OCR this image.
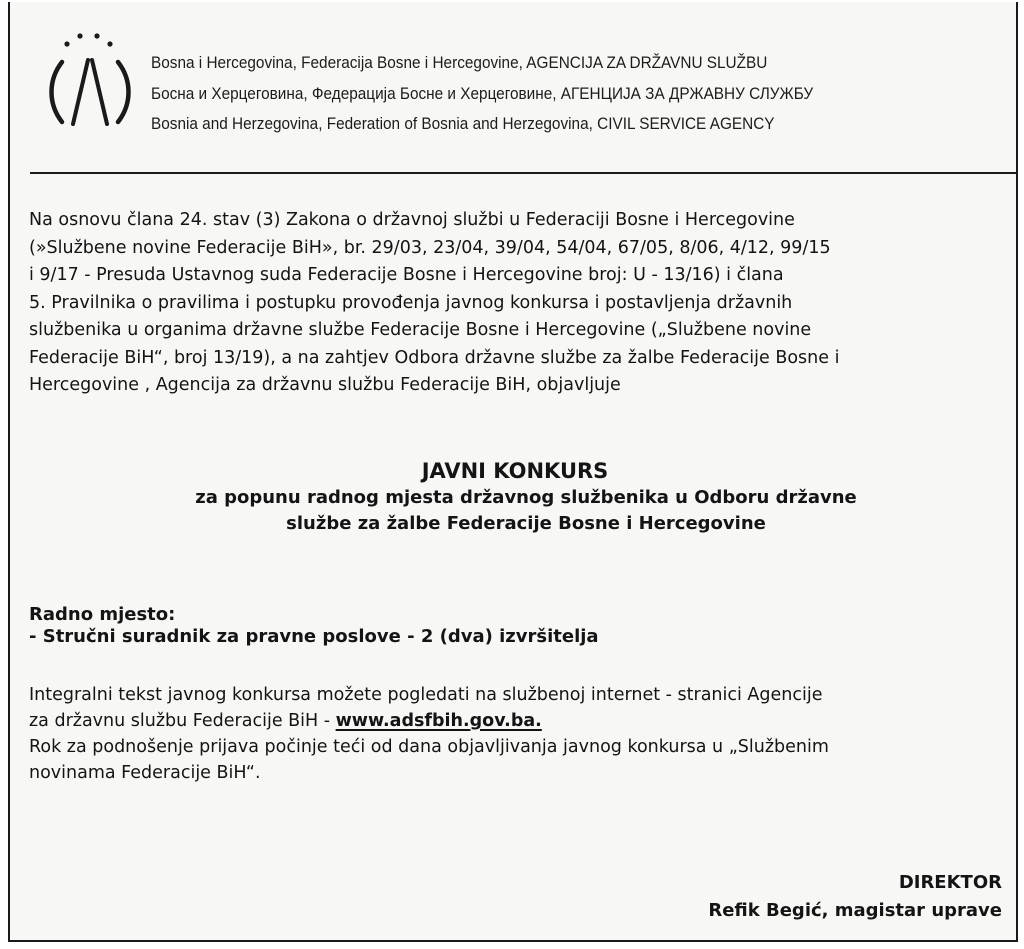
Bosna i Hercegovina, Federacija Bosne i Hercegovine, AGENCIJA ZA DRŽAVNU SLUŽBU
Босна и Херцеговина, Федерација Босне и Херцеговине, АГЕНЦИЈА ЗА ДРЖАВНУ СЛУЖБУ
Bosnia and Herzegovina, Federation of Bosnia and Herzegovina, CIVIL SERVICE AGENCY
Na osnovu člana 24. stav (3) Zakona o državnoj službi u Federaciji Bosne i Hercegovine
(»Službene novine Federacije BiH», br. 29/03, 23/04, 39/04, 54/04, 67/05, 8/06, 4/12, 99/15
i 9/17 - Presuda Ustavnog suda Federacije Bosne i Hercegovine broj: U - 13/16) i člana
5. Pravilnika o pravilima i postupku provođenja javnog konkursa i postavljenja državnih
službenika u organima državne službe Federacije Bosne i Hercegovine („Službene novine
Federacije BiH“, broj 13/19), a na zahtjev Odbora državne službe za žalbe Federacije Bosne i
Hercegovine , Agencija za državnu službu Federacije BiH, objavljuje
JAVNI KONKURS
za popunu radnog mjesta državnog službenika u Odboru državne
službe za žalbe Federacije Bosne i Hercegovine
Radno mjesto:
- Stručni suradnik za pravne poslove - 2 (dva) izvršitelja
Integralni tekst javnog konkursa možete pogledati na službenoj internet - stranici Agencije
za državnu službu Federacije BiH - www.adsfbih.gov.ba.
Rok za podnošenje prijava počinje teći od dana objavljivanja javnog konkursa u „Službenim
novinama Federacije BiH“.
DIREKTOR
Refik Begić, magistar uprave
